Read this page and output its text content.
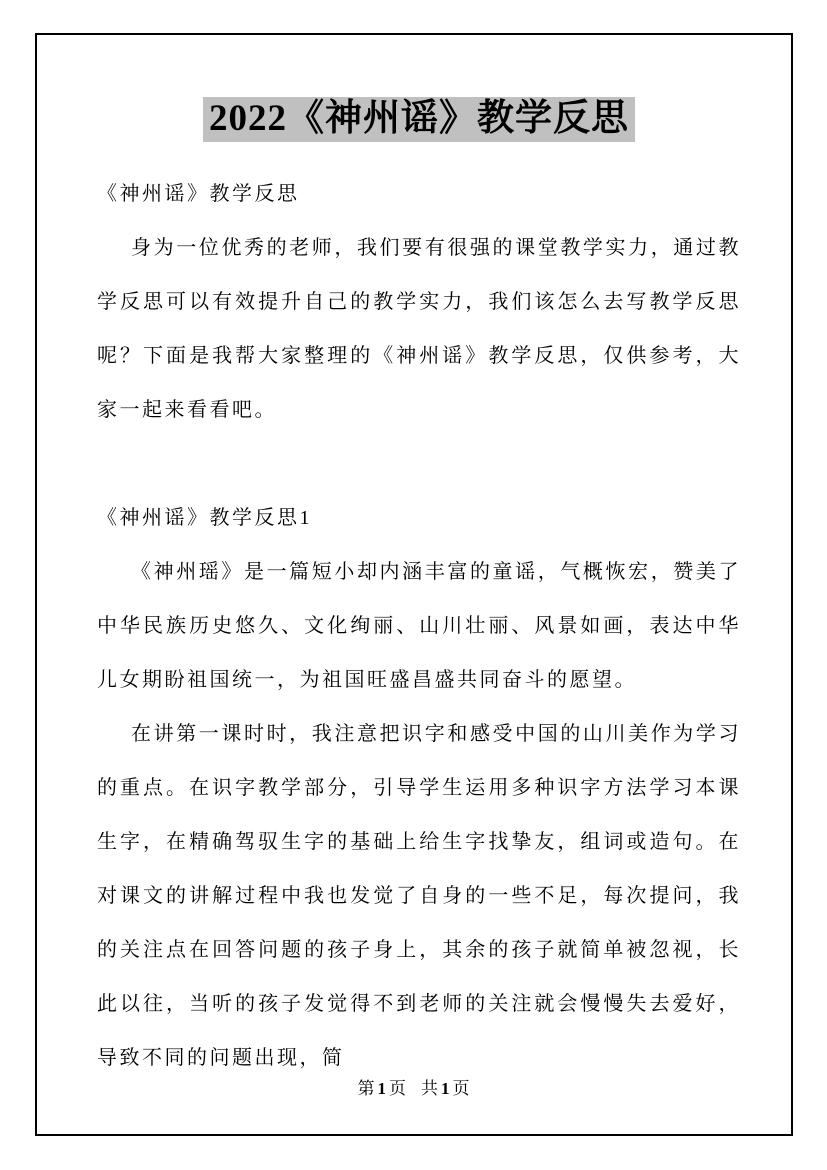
2022《神州谣》教学反思

《神州谣》教学反思

身为一位优秀的老师，我们要有很强的课堂教学实力，通过教学反思可以有效提升自己的教学实力，我们该怎么去写教学反思呢？下面是我帮大家整理的《神州谣》教学反思，仅供参考，大家一起来看看吧。

《神州谣》教学反思1

《神州瑶》是一篇短小却内涵丰富的童谣，气概恢宏，赞美了中华民族历史悠久、文化绚丽、山川壮丽、风景如画，表达中华儿女期盼祖国统一，为祖国旺盛昌盛共同奋斗的愿望。

在讲第一课时时，我注意把识字和感受中国的山川美作为学习的重点。在识字教学部分，引导学生运用多种识字方法学习本课生字，在精确驾驭生字的基础上给生字找挚友，组词或造句。在对课文的讲解过程中我也发觉了自身的一些不足，每次提问，我的关注点在回答问题的孩子身上，其余的孩子就简单被忽视，长此以往，当听的孩子发觉得不到老师的关注就会慢慢失去爱好，导致不同的问题出现，简

第 1 页 共 1 页
